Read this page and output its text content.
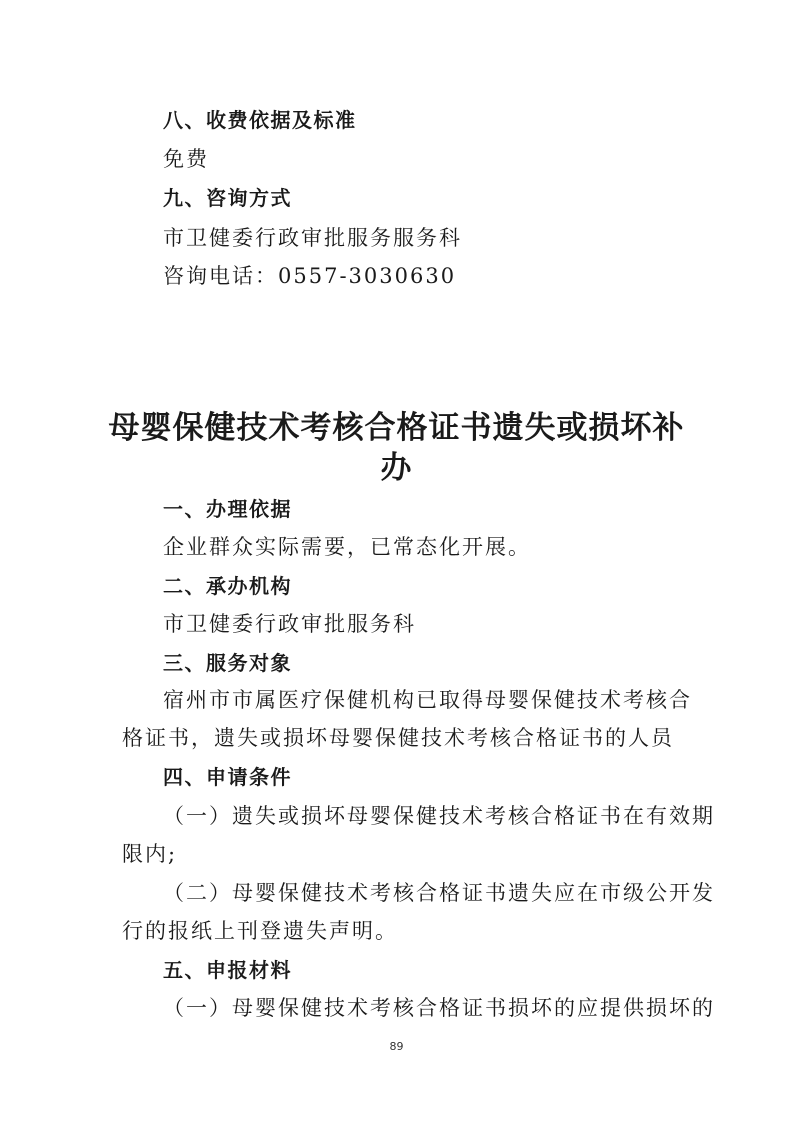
八、收费依据及标准
免费
九、咨询方式
市卫健委行政审批服务服务科
咨询电话：0557-3030630
母婴保健技术考核合格证书遗失或损坏补
办
一、办理依据
企业群众实际需要，已常态化开展。
二、承办机构
市卫健委行政审批服务科
三、服务对象
宿州市市属医疗保健机构已取得母婴保健技术考核合
格证书，遗失或损坏母婴保健技术考核合格证书的人员
四、申请条件
（一）遗失或损坏母婴保健技术考核合格证书在有效期
限内;
（二）母婴保健技术考核合格证书遗失应在市级公开发
行的报纸上刊登遗失声明。
五、申报材料
（一）母婴保健技术考核合格证书损坏的应提供损坏的
89
